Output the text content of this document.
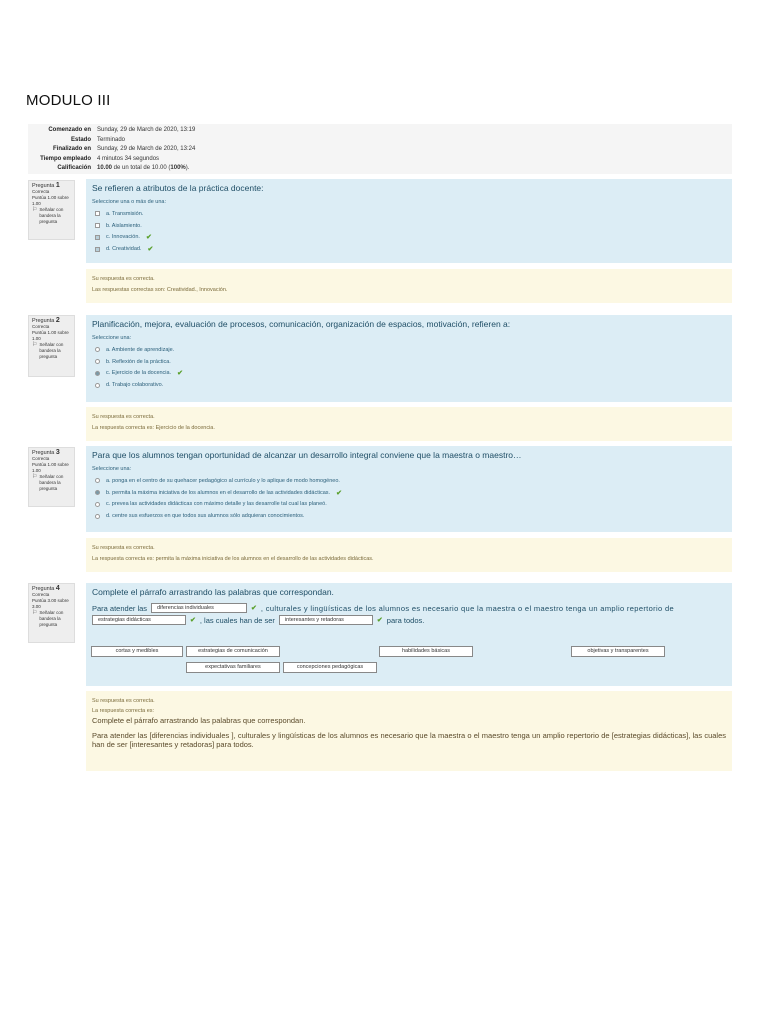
MODULO III
Comenzado en	Sunday, 29 de March de 2020, 13:19
Estado	Terminado
Finalizado en	Sunday, 29 de March de 2020, 13:24
Tiempo empleado	4 minutos 34 segundos
Calificación	10.00 de un total de 10.00 (100%).
Pregunta 1
Correcta
Puntúa 1.00 sobre 1.00
⚐ Señalar con bandera la pregunta
Se refieren a atributos de la práctica docente:
Seleccione una o más de una:
a. Transmisión.
b. Aislamiento.
c. Innovación. ✔
d. Creatividad. ✔
Su respuesta es correcta.
Las respuestas correctas son: Creatividad., Innovación.
Pregunta 2
Correcta
Puntúa 1.00 sobre 1.00
⚐ Señalar con bandera la pregunta
Planificación, mejora, evaluación de procesos, comunicación, organización de espacios, motivación, refieren a:
Seleccione una:
a. Ambiente de aprendizaje.
b. Reflexión de la práctica.
c. Ejercicio de la docencia. ✔
d. Trabajo colaborativo.
Su respuesta es correcta.
La respuesta correcta es: Ejercicio de la docencia.
Pregunta 3
Correcta
Puntúa 1.00 sobre 1.00
⚐ Señalar con bandera la pregunta
Para que los alumnos tengan oportunidad de alcanzar un desarrollo integral conviene que la maestra o maestro…
Seleccione una:
a. ponga en el centro de su quehacer pedagógico al currículo y lo aplique de modo homogéneo.
b. permita la máxima iniciativa de los alumnos en el desarrollo de las actividades didácticas. ✔
c. prevea las actividades didácticas con máximo detalle y las desarrolle tal cual las planeó.
d. centre sus esfuerzos en que todos sus alumnos sólo adquieran conocimientos.
Su respuesta es correcta.
La respuesta correcta es: permita la máxima iniciativa de los alumnos en el desarrollo de las actividades didácticas.
Pregunta 4
Correcta
Puntúa 3.00 sobre 3.00
⚐ Señalar con bandera la pregunta
Complete el párrafo arrastrando las palabras que correspondan.
Para atender las	diferencias individuales	✔ , culturales y lingüísticas de los alumnos es necesario que la maestra o el maestro tenga un amplio repertorio de
estrategias didácticas	✔ , las cuales han de ser	interesantes y retadoras	✔ para todos.
cortas y medibles	estrategias de comunicación	habilidades básicas	objetivas y transparentes
expectativas familiares	concepciones pedagógicas
Su respuesta es correcta.
La respuesta correcta es:
Complete el párrafo arrastrando las palabras que correspondan.
Para atender las [diferencias individuales ], culturales y lingüísticas de los alumnos es necesario que la maestra o el maestro tenga un amplio repertorio de [estrategias didácticas], las cuales han de ser [interesantes y retadoras] para todos.
